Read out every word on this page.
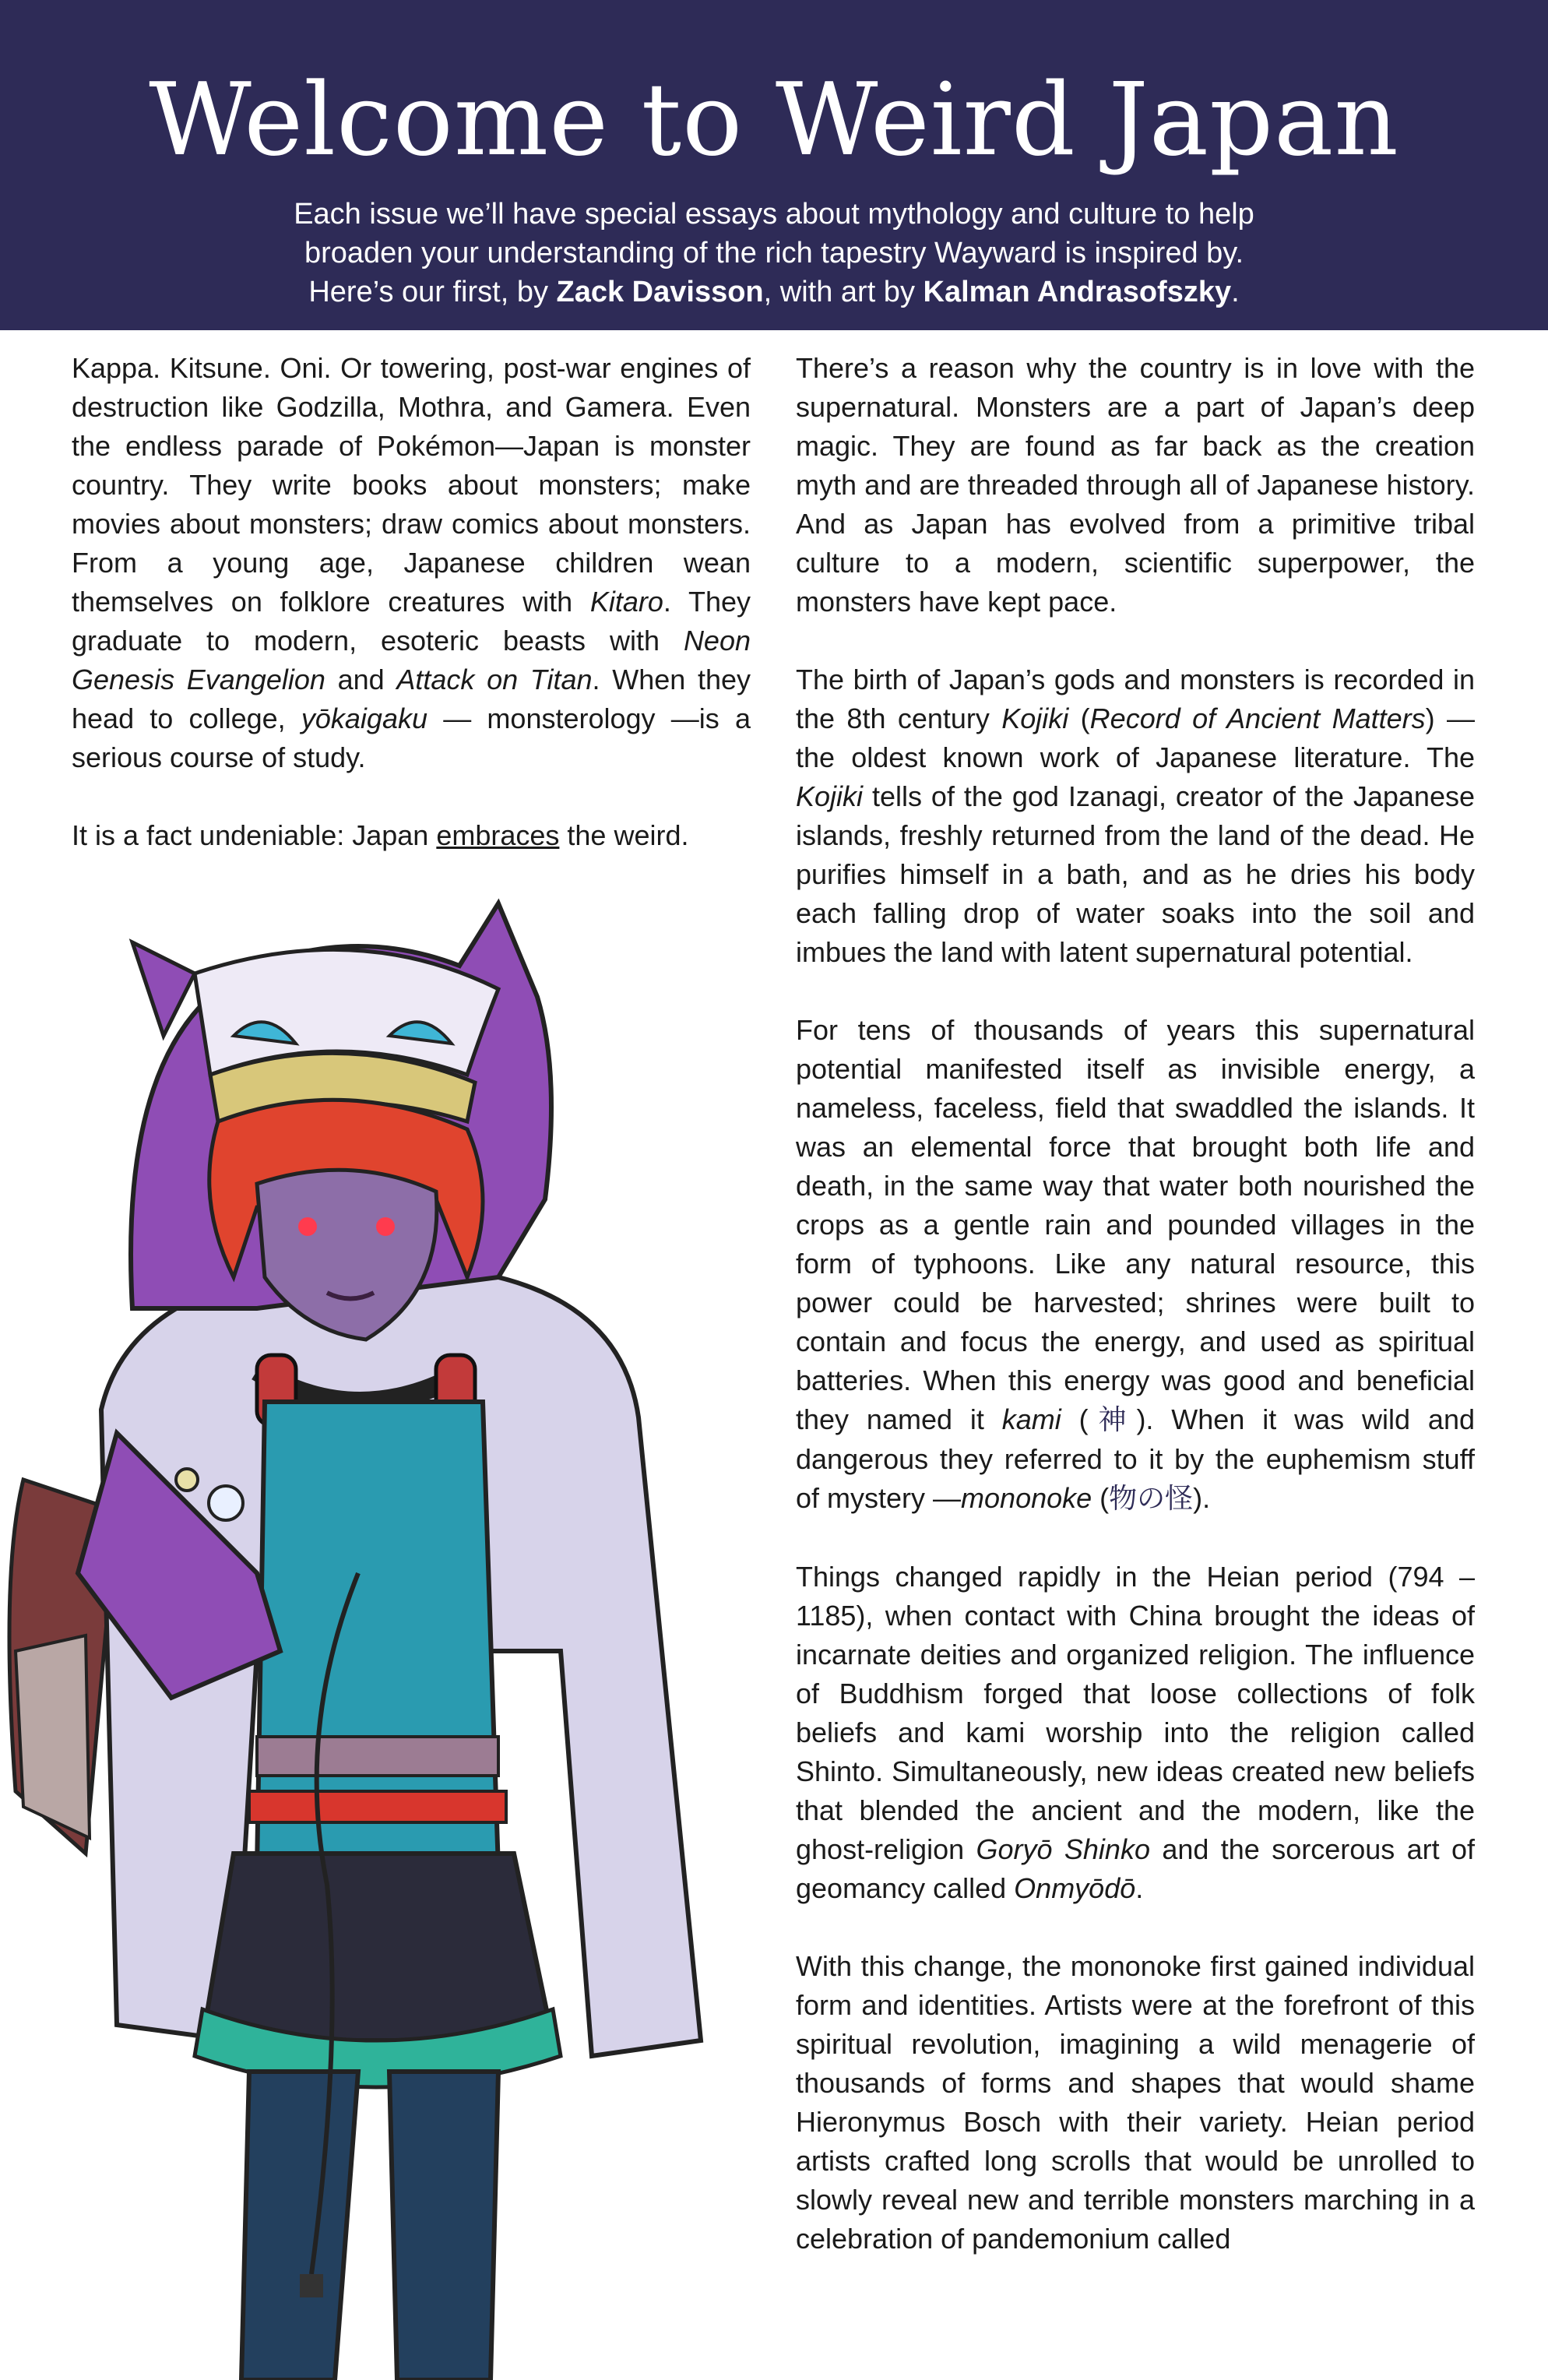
Welcome to Weird Japan

Each issue we’ll have special essays about mythology and culture to help
broaden your understanding of the rich tapestry Wayward is inspired by.
Here’s our first, by Zack Davisson, with art by Kalman Andrasofszky.

Kappa. Kitsune. Oni. Or towering, post-war engines of destruction like Godzilla, Mothra, and Gamera. Even the endless parade of Pokémon—Japan is monster country. They write books about monsters; make movies about monsters; draw comics about monsters. From a young age, Japanese children wean themselves on folklore creatures with Kitaro. They graduate to modern, esoteric beasts with Neon Genesis Evangelion and Attack on Titan. When they head to college, yōkaigaku — monsterology —is a serious course of study.

It is a fact undeniable: Japan embraces the weird.

There’s a reason why the country is in love with the supernatural. Monsters are a part of Japan’s deep magic. They are found as far back as the creation myth and are threaded through all of Japanese history. And as Japan has evolved from a primitive tribal culture to a modern, scientific superpower, the monsters have kept pace.

The birth of Japan’s gods and monsters is recorded in the 8th century Kojiki (Record of Ancient Matters) —the oldest known work of Japanese literature. The Kojiki tells of the god Izanagi, creator of the Japanese islands, freshly returned from the land of the dead. He purifies himself in a bath, and as he dries his body each falling drop of water soaks into the soil and imbues the land with latent supernatural potential.

For tens of thousands of years this supernatural potential manifested itself as invisible energy, a nameless, faceless, field that swaddled the islands. It was an elemental force that brought both life and death, in the same way that water both nourished the crops as a gentle rain and pounded villages in the form of typhoons. Like any natural resource, this power could be harvested; shrines were built to contain and focus the energy, and used as spiritual batteries. When this energy was good and beneficial they named it kami (神). When it was wild and dangerous they referred to it by the euphemism stuff of mystery —mononoke (物の怪).

Things changed rapidly in the Heian period (794 – 1185), when contact with China brought the ideas of incarnate deities and organized religion. The influence of Buddhism forged that loose collections of folk beliefs and kami worship into the religion called Shinto. Simultaneously, new ideas created new beliefs that blended the ancient and the modern, like the ghost-religion Goryō Shinko and the sorcerous art of geomancy called Onmyōdō.

With this change, the mononoke first gained individual form and identities. Artists were at the forefront of this spiritual revolution, imagining a wild menagerie of thousands of forms and shapes that would shame Hieronymus Bosch with their variety. Heian period artists crafted long scrolls that would be unrolled to slowly reveal new and terrible monsters marching in a celebration of pandemonium called
